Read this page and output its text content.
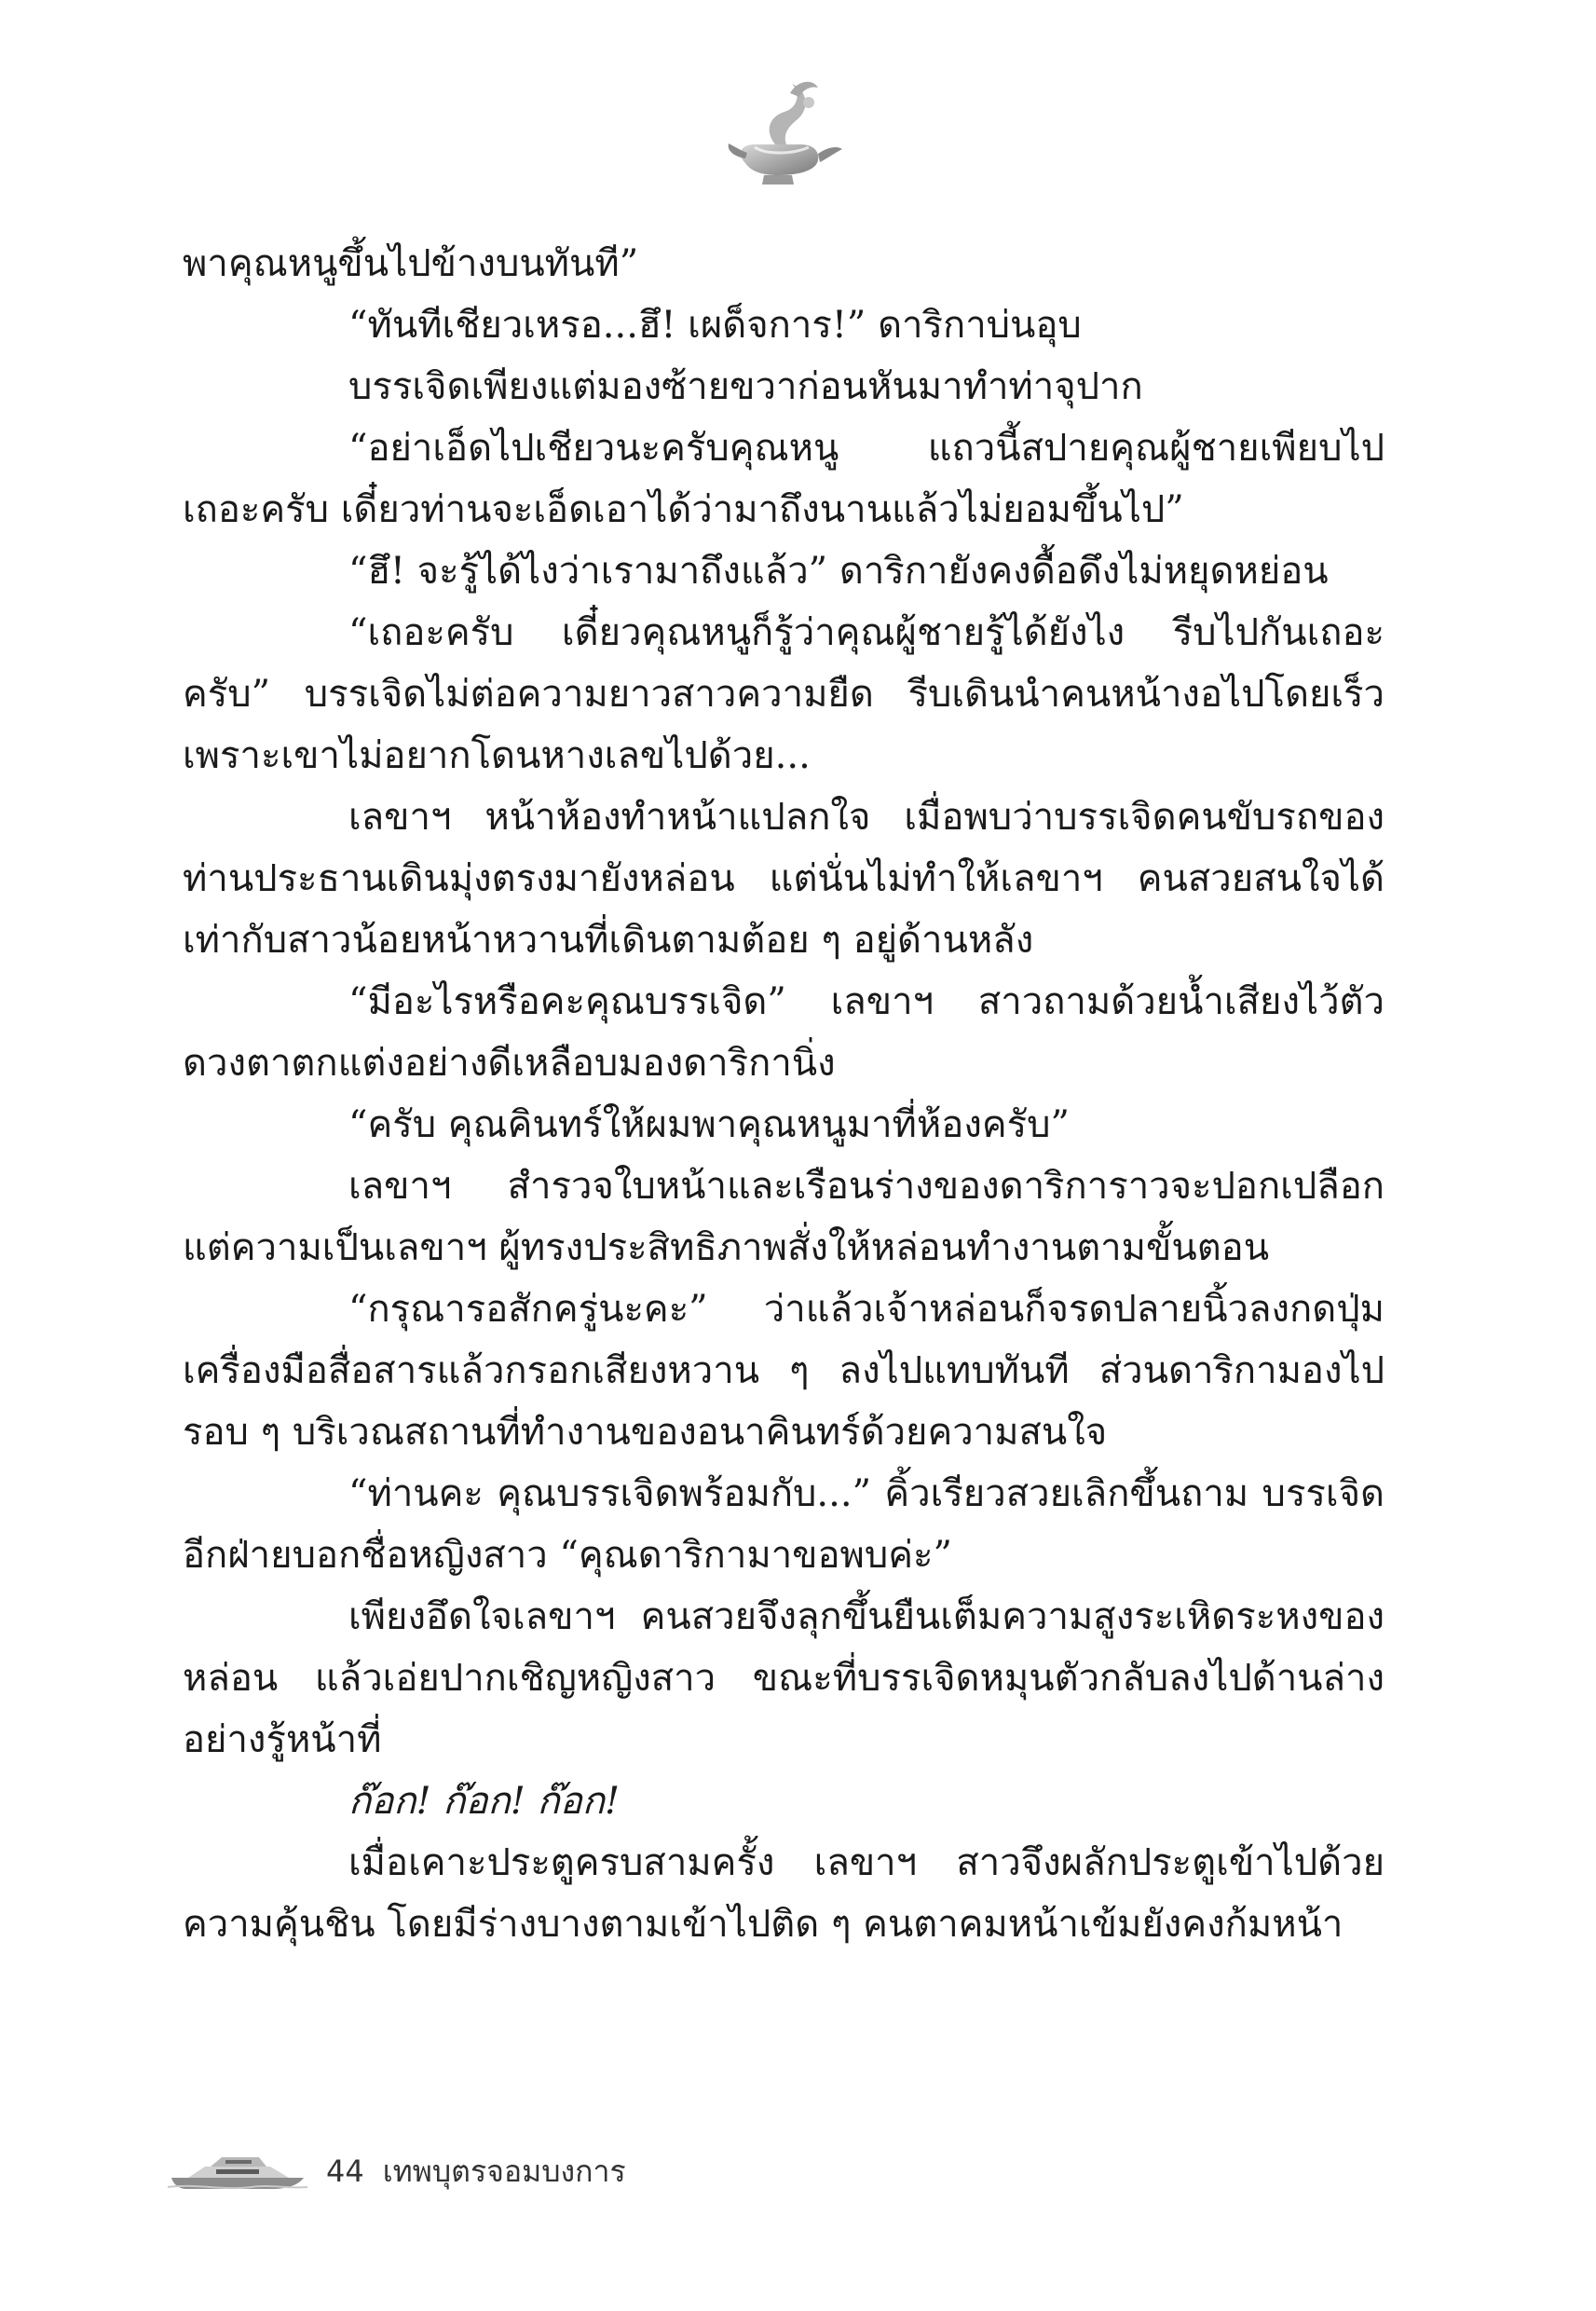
พาคุณหนูขึ้นไปข้างบนทันที”

“ทันทีเชียวเหรอ...ฮึ! เผด็จการ!” ดาริกาบ่นอุบ

บรรเจิดเพียงแต่มองซ้ายขวาก่อนหันมาทำท่าจุปาก

“อย่าเอ็ดไปเชียวนะครับคุณหนู แถวนี้สปายคุณผู้ชายเพียบไปเถอะครับ เดี๋ยวท่านจะเอ็ดเอาได้ว่ามาถึงนานแล้วไม่ยอมขึ้นไป”

“ฮึ! จะรู้ได้ไงว่าเรามาถึงแล้ว” ดาริกายังคงดื้อดึงไม่หยุดหย่อน

“เถอะครับ เดี๋ยวคุณหนูก็รู้ว่าคุณผู้ชายรู้ได้ยังไง รีบไปกันเถอะครับ” บรรเจิดไม่ต่อความยาวสาวความยืด รีบเดินนำคนหน้างอไปโดยเร็ว เพราะเขาไม่อยากโดนหางเลขไปด้วย...

เลขาฯ หน้าห้องทำหน้าแปลกใจ เมื่อพบว่าบรรเจิดคนขับรถของท่านประธานเดินมุ่งตรงมายังหล่อน แต่นั่นไม่ทำให้เลขาฯ คนสวยสนใจได้เท่ากับสาวน้อยหน้าหวานที่เดินตามต้อย ๆ อยู่ด้านหลัง

“มีอะไรหรือคะคุณบรรเจิด” เลขาฯ สาวถามด้วยน้ำเสียงไว้ตัว ดวงตาตกแต่งอย่างดีเหลือบมองดาริกานิ่ง

“ครับ คุณคินทร์ให้ผมพาคุณหนูมาที่ห้องครับ”

เลขาฯ สำรวจใบหน้าและเรือนร่างของดาริการาวจะปอกเปลือก แต่ความเป็นเลขาฯ ผู้ทรงประสิทธิภาพสั่งให้หล่อนทำงานตามขั้นตอน

“กรุณารอสักครู่นะคะ” ว่าแล้วเจ้าหล่อนก็จรดปลายนิ้วลงกดปุ่มเครื่องมือสื่อสารแล้วกรอกเสียงหวาน ๆ ลงไปแทบทันที ส่วนดาริกามองไปรอบ ๆ บริเวณสถานที่ทำงานของอนาคินทร์ด้วยความสนใจ

“ท่านคะ คุณบรรเจิดพร้อมกับ...” คิ้วเรียวสวยเลิกขึ้นถาม บรรเจิด อีกฝ่ายบอกชื่อหญิงสาว “คุณดาริกามาขอพบค่ะ”

เพียงอึดใจเลขาฯ คนสวยจึงลุกขึ้นยืนเต็มความสูงระเหิดระหงของหล่อน แล้วเอ่ยปากเชิญหญิงสาว ขณะที่บรรเจิดหมุนตัวกลับลงไปด้านล่างอย่างรู้หน้าที่

ก๊อก! ก๊อก! ก๊อก!

เมื่อเคาะประตูครบสามครั้ง เลขาฯ สาวจึงผลักประตูเข้าไปด้วยความคุ้นชิน โดยมีร่างบางตามเข้าไปติด ๆ คนตาคมหน้าเข้มยังคงก้มหน้า

44 เทพบุตรจอมบงการ
